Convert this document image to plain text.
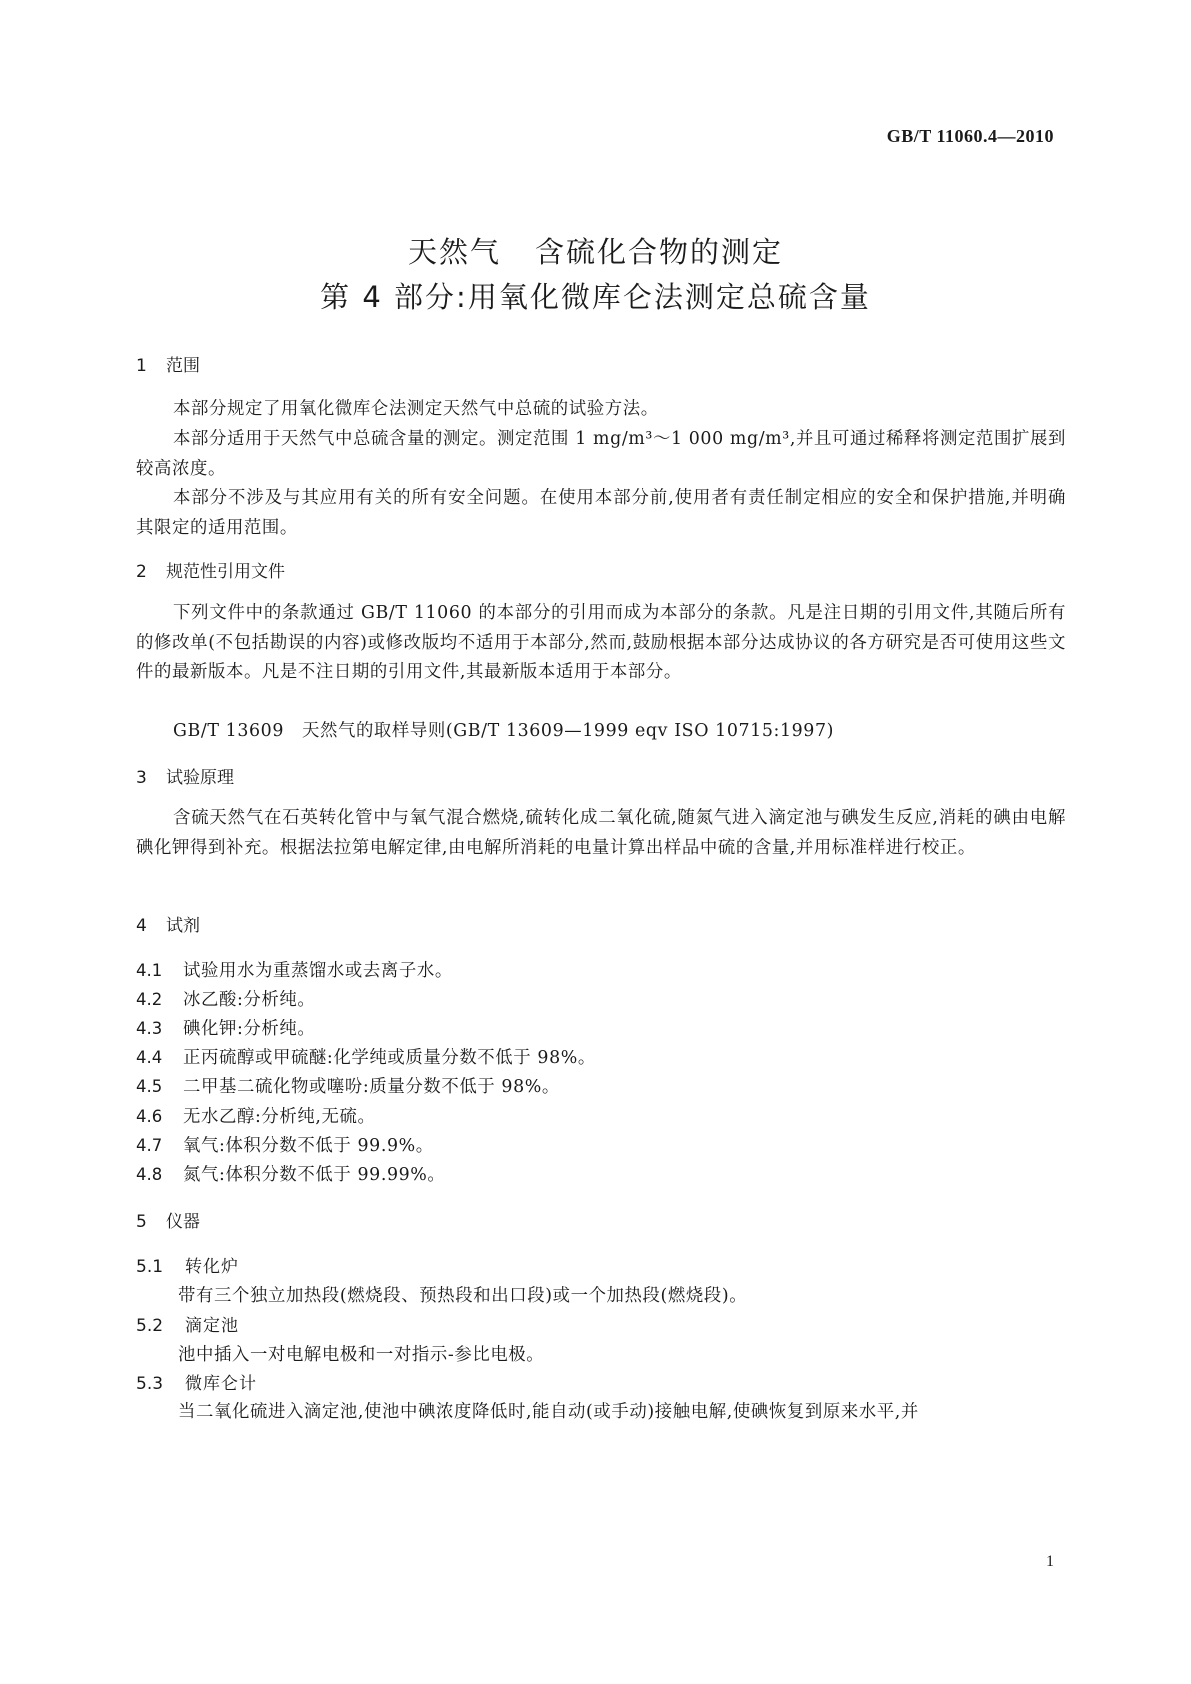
GB/T 11060.4—2010
天然气 含硫化合物的测定
第 4 部分:用氧化微库仑法测定总硫含量
1 范围
本部分规定了用氧化微库仑法测定天然气中总硫的试验方法。
本部分适用于天然气中总硫含量的测定。测定范围 1 mg/m³～1 000 mg/m³,并且可通过稀释将测定范围扩展到较高浓度。
本部分不涉及与其应用有关的所有安全问题。在使用本部分前,使用者有责任制定相应的安全和保护措施,并明确其限定的适用范围。
2 规范性引用文件
下列文件中的条款通过 GB/T 11060 的本部分的引用而成为本部分的条款。凡是注日期的引用文件,其随后所有的修改单(不包括勘误的内容)或修改版均不适用于本部分,然而,鼓励根据本部分达成协议的各方研究是否可使用这些文件的最新版本。凡是不注日期的引用文件,其最新版本适用于本部分。
GB/T 13609　天然气的取样导则(GB/T 13609—1999 eqv ISO 10715:1997)
3 试验原理
含硫天然气在石英转化管中与氧气混合燃烧,硫转化成二氧化硫,随氮气进入滴定池与碘发生反应,消耗的碘由电解碘化钾得到补充。根据法拉第电解定律,由电解所消耗的电量计算出样品中硫的含量,并用标准样进行校正。
4 试剂
4.1 试验用水为重蒸馏水或去离子水。
4.2 冰乙酸:分析纯。
4.3 碘化钾:分析纯。
4.4 正丙硫醇或甲硫醚:化学纯或质量分数不低于 98%。
4.5 二甲基二硫化物或噻吩:质量分数不低于 98%。
4.6 无水乙醇:分析纯,无硫。
4.7 氧气:体积分数不低于 99.9%。
4.8 氮气:体积分数不低于 99.99%。
5 仪器
5.1 转化炉
带有三个独立加热段(燃烧段、预热段和出口段)或一个加热段(燃烧段)。
5.2 滴定池
池中插入一对电解电极和一对指示-参比电极。
5.3 微库仑计
当二氧化硫进入滴定池,使池中碘浓度降低时,能自动(或手动)接触电解,使碘恢复到原来水平,并
1
